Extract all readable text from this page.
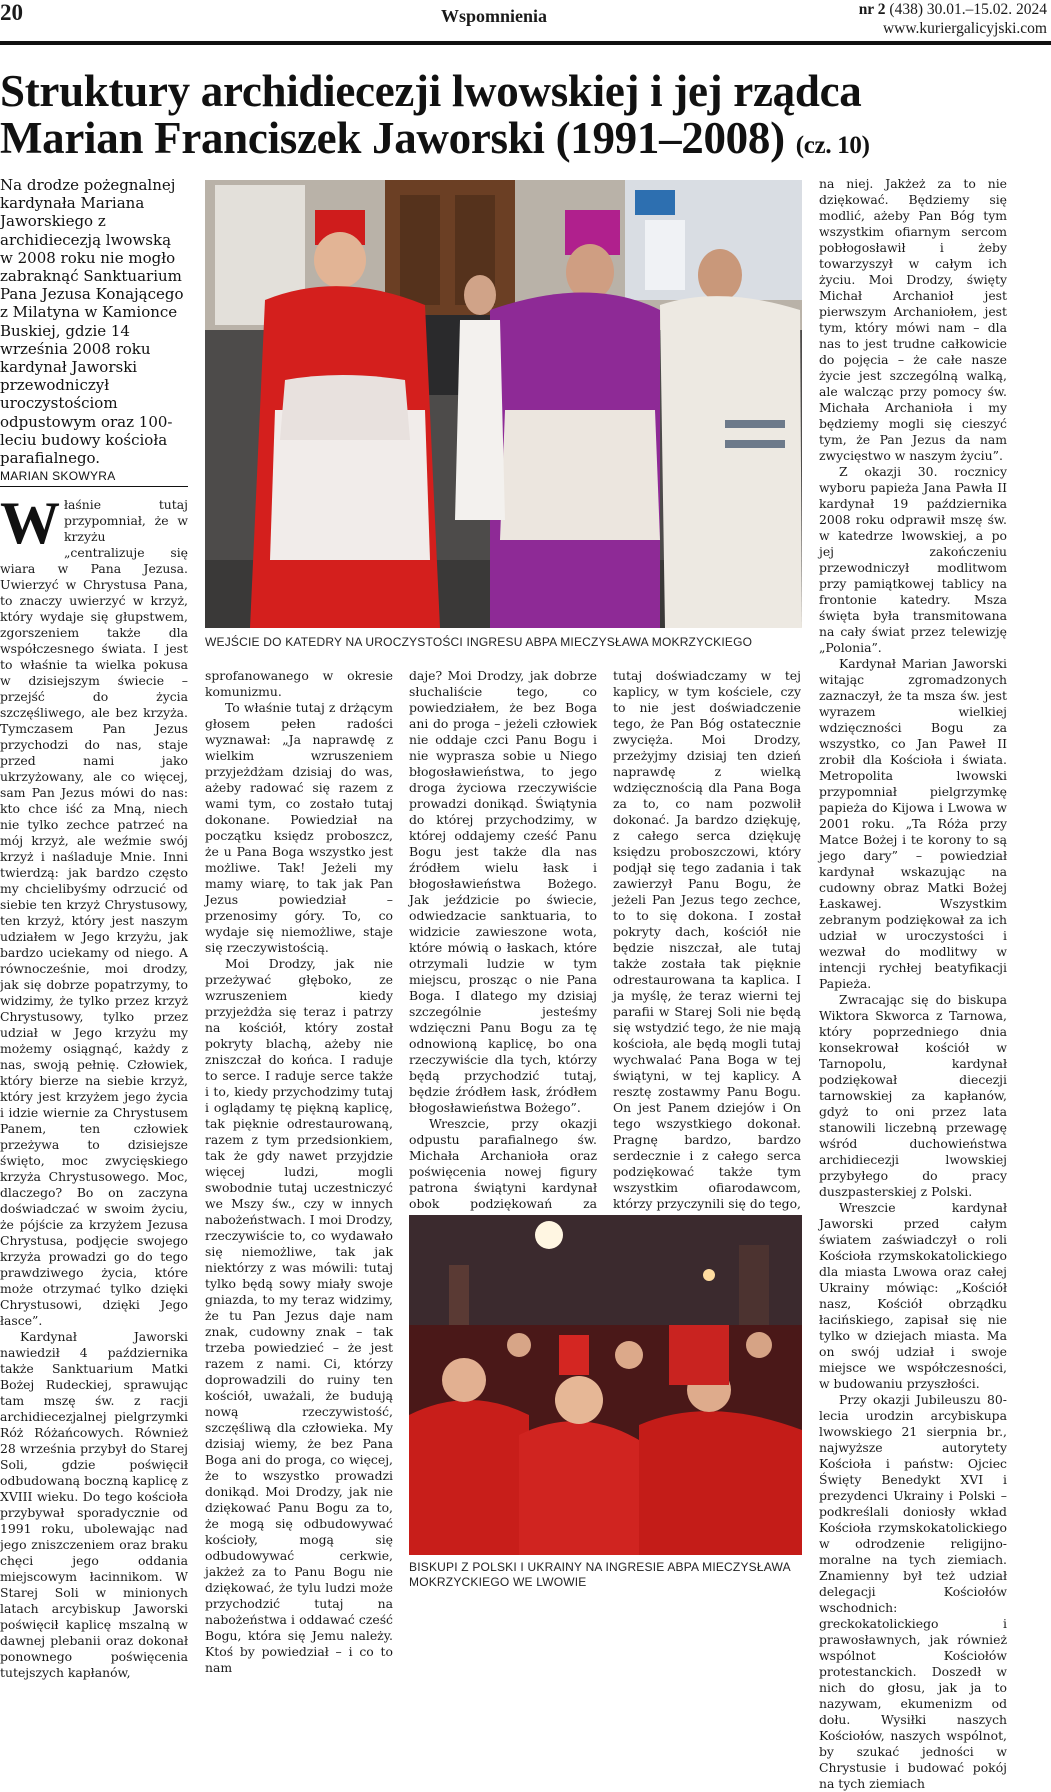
20	Wspomnienia	nr 2 (438) 30.01.–15.02. 2024
www.kuriergalicyjski.com
Struktury archidiecezji lwowskiej i jej rządca
Marian Franciszek Jaworski (1991–2008) (cz. 10)
Na drodze pożegnalnej kardynała Mariana Jaworskiego z archidiecezją lwowską w 2008 roku nie mogło zabraknąć Sanktuarium Pana Jezusa Konającego z Milatyna w Kamionce Buskiej, gdzie 14 września 2008 roku kardynał Jaworski przewodniczył uroczystościom odpustowym oraz 100-leciu budowy kościoła parafialnego.
MARIAN SKOWYRA

Właśnie tutaj przypomniał, że w krzyżu „centralizuje się wiara w Pana Jezusa. Uwierzyć w Chrystusa Pana, to znaczy uwierzyć w krzyż, który wydaje się głupstwem, zgorszeniem także dla współczesnego świata. I jest to właśnie ta wielka pokusa w dzisiejszym świecie – przejść do życia szczęśliwego, ale bez krzyża. Tymczasem Pan Jezus przychodzi do nas, staje przed nami jako ukrzyżowany, ale co więcej, sam Pan Jezus mówi do nas: kto chce iść za Mną, niech nie tylko zechce patrzeć na mój krzyż, ale weźmie swój krzyż i naśladuje Mnie. Inni twierdzą: jak bardzo często my chcielibyśmy odrzucić od siebie ten krzyż Chrystusowy, ten krzyż, który jest naszym udziałem w Jego krzyżu, jak bardzo uciekamy od niego. A równocześnie, moi drodzy, jak się dobrze popatrzymy, to widzimy, że tylko przez krzyż Chrystusowy, tylko przez udział w Jego krzyżu my możemy osiągnąć, każdy z nas, swoją pełnię. Człowiek, który bierze na siebie krzyż, który jest krzyżem jego życia i idzie wiernie za Chrystusem Panem, ten człowiek przeżywa to dzisiejsze święto, moc zwycięskiego krzyża Chrystusowego. Moc, dlaczego? Bo on zaczyna doświadczać w swoim życiu, że pójście za krzyżem Jezusa Chrystusa, podjęcie swojego krzyża prowadzi go do tego prawdziwego życia, które może otrzymać tylko dzięki Chrystusowi, dzięki Jego łasce”.

Kardynał Jaworski nawiedził 4 października także Sanktuarium Matki Bożej Rudeckiej, sprawując tam mszę św. z racji archidiecezjalnej pielgrzymki Róż Różańcowych. Również 28 września przybył do Starej Soli, gdzie poświęcił odbudowaną boczną kaplicę z XVIII wieku. Do tego kościoła przybywał sporadycznie od 1991 roku, ubolewając nad jego zniszczeniem oraz braku chęci jego oddania miejscowym łacinnikom. W Starej Soli w minionych latach arcybiskup Jaworski poświęcił kaplicę mszalną w dawnej plebanii oraz dokonał ponownego poświęcenia tutejszych kapłanów,

WEJŚCIE DO KATEDRY NA UROCZYSTOŚCI INGRESU ABPA MIECZYSŁAWA MOKRZYCKIEGO

sprofanowanego w okresie komunizmu.

To właśnie tutaj z drżącym głosem pełen radości wyznawał: „Ja naprawdę z wielkim wzruszeniem przyjeżdżam dzisiaj do was, ażeby radować się razem z wami tym, co zostało tutaj dokonane. Powiedział na początku księdz proboszcz, że u Pana Boga wszystko jest możliwe. Tak! Jeżeli my mamy wiarę, to tak jak Pan Jezus powiedział – przenosimy góry. To, co wydaje się niemożliwe, staje się rzeczywistością.

Moi Drodzy, jak nie przeżywać głęboko, ze wzruszeniem kiedy przyjeżdża się teraz i patrzy na kościół, który został pokryty blachą, ażeby nie zniszczał do końca. I raduje to serce. I raduje serce także i to, kiedy przychodzimy tutaj i oglądamy tę piękną kaplicę, tak pięknie odrestaurowaną, razem z tym przedsionkiem, tak że gdy nawet przyjdzie więcej ludzi, mogli swobodnie tutaj uczestniczyć we Mszy św., czy w innych nabożeństwach. I moi Drodzy, rzeczywiście to, co wydawało się niemożliwe, tak jak niektórzy z was mówili: tutaj tylko będą sowy miały swoje gniazda, to my teraz widzimy, że tu Pan Jezus daje nam znak, cudowny znak – tak trzeba powiedzieć – że jest razem z nami. Ci, którzy doprowadzili do ruiny ten kościół, uważali, że budują nową rzeczywistość, szczęśliwą dla człowieka. My dzisiaj wiemy, że bez Pana Boga ani do proga, co więcej, że to wszystko prowadzi donikąd. Moi Drodzy, jak nie dziękować Panu Bogu za to, że mogą się odbudowywać kościoły, mogą się odbudowywać cerkwie, jakżeż za to Panu Bogu nie dziękować, że tylu ludzi może przychodzić tutaj na nabożeństwa i oddawać cześć Bogu, która się Jemu należy. Ktoś by powiedział – i co to nam

daje? Moi Drodzy, jak dobrze słuchaliście tego, co powiedziałem, że bez Boga ani do proga – jeżeli człowiek nie oddaje czci Panu Bogu i nie wyprasza sobie u Niego błogosławieństwa, to jego droga życiowa rzeczywiście prowadzi donikąd. Świątynia do której przychodzimy, w której oddajemy cześć Panu Bogu jest także dla nas źródłem wielu łask i błogosławieństwa Bożego. Jak jeździcie po świecie, odwiedzacie sanktuaria, to widzicie zawieszone wota, które mówią o łaskach, które otrzymali ludzie w tym miejscu, prosząc o nie Pana Boga. I dlatego my dzisiaj szczególnie jesteśmy wdzięczni Panu Bogu za tę odnowioną kaplicę, bo ona rzeczywiście dla tych, którzy będą przychodzić tutaj, będzie źródłem łask, źródłem błogosławieństwa Bożego”.

Wreszcie, przy okazji odpustu parafialnego św. Michała Archanioła oraz poświęcenia nowej figury patrona świątyni kardynał obok podziękowań za

tutaj doświadczamy w tej kaplicy, w tym kościele, czy to nie jest doświadczenie tego, że Pan Bóg ostatecznie zwycięża. Moi Drodzy, przeżyjmy dzisiaj ten dzień naprawdę z wielką wdzięcznością dla Pana Boga za to, co nam pozwolił dokonać. Ja bardzo dziękuję, z całego serca dziękuję księdzu proboszczowi, który podjął się tego zadania i tak zawierzył Panu Bogu, że jeżeli Pan Jezus tego zechce, to to się dokona. I został pokryty dach, kościół nie będzie niszczał, ale tutaj także została tak pięknie odrestaurowana ta kaplica. I ja myślę, że teraz wierni tej parafii w Starej Soli nie będą się wstydzić tego, że nie mają kościoła, ale będą mogli tutaj wychwalać Pana Boga w tej świątyni, w tej kaplicy. A resztę zostawmy Panu Bogu. On jest Panem dziejów i On tego wszystkiego dokonał. Pragnę bardzo, bardzo serdecznie i z całego serca podziękować także tym wszystkim ofiarodawcom, którzy przyczynili się do tego,

BISKUPI Z POLSKI I UKRAINY NA INGRESIE ABPA MIECZYSŁAWA MOKRZYCKIEGO WE LWOWIE

na niej. Jakżeż za to nie dziękować. Będziemy się modlić, ażeby Pan Bóg tym wszystkim ofiarnym sercom pobłogosławił i żeby towarzyszył w całym ich życiu. Moi Drodzy, święty Michał Archanioł jest pierwszym Archaniołem, jest tym, który mówi nam – dla nas to jest trudne całkowicie do pojęcia – że całe nasze życie jest szczególną walką, ale walcząc przy pomocy św. Michała Archanioła i my będziemy mogli się cieszyć tym, że Pan Jezus da nam zwycięstwo w naszym życiu”.

Z okazji 30. rocznicy wyboru papieża Jana Pawła II kardynał 19 października 2008 roku odprawił mszę św. w katedrze lwowskiej, a po jej zakończeniu przewodniczył modlitwom przy pamiątkowej tablicy na frontonie katedry. Msza święta była transmitowana na cały świat przez telewizję „Polonia”.

Kardynał Marian Jaworski witając zgromadzonych zaznaczył, że ta msza św. jest wyrazem wielkiej wdzięczności Bogu za wszystko, co Jan Paweł II zrobił dla Kościoła i świata. Metropolita lwowski przypomniał pielgrzymkę papieża do Kijowa i Lwowa w 2001 roku. „Ta Róża przy Matce Bożej i te korony to są jego dary” – powiedział kardynał wskazując na cudowny obraz Matki Bożej Łaskawej. Wszystkim zebranym podziękował za ich udział w uroczystości i wezwał do modlitwy w intencji rychłej beatyfikacji Papieża.

Zwracając się do biskupa Wiktora Skworca z Tarnowa, który poprzedniego dnia konsekrował kościół w Tarnopolu, kardynał podziękował diecezji tarnowskiej za kapłanów, gdyż to oni przez lata stanowili liczebną przewagę wśród duchowieństwa archidiecezji lwowskiej przybyłego do pracy duszpasterskiej z Polski.

Wreszcie kardynał Jaworski przed całym światem zaświadczył o roli Kościoła rzymskokatolickiego dla miasta Lwowa oraz całej Ukrainy mówiąc: „Kościół nasz, Kościół obrządku łacińskiego, zapisał się nie tylko w dziejach miasta. Ma on swój udział i swoje miejsce we współczesności, w budowaniu przyszłości.

Przy okazji Jubileuszu 80-lecia urodzin arcybiskupa lwowskiego 21 sierpnia br., najwyższe autorytety Kościoła i państw: Ojciec Święty Benedykt XVI i prezydenci Ukrainy i Polski – podkreślali doniosły wkład Kościoła rzymskokatolickiego w odrodzenie religijno-moralne na tych ziemiach. Znamienny był też udział delegacji Kościołów wschodnich: greckokatolickiego i prawosławnych, jak również wspólnot Kościołów protestanckich. Doszedł w nich do głosu, jak ja to nazywam, ekumenizm od dołu. Wysiłki naszych Kościołów, naszych wspólnot, by szukać jedności w Chrystusie i budować pokój na tych ziemiach
